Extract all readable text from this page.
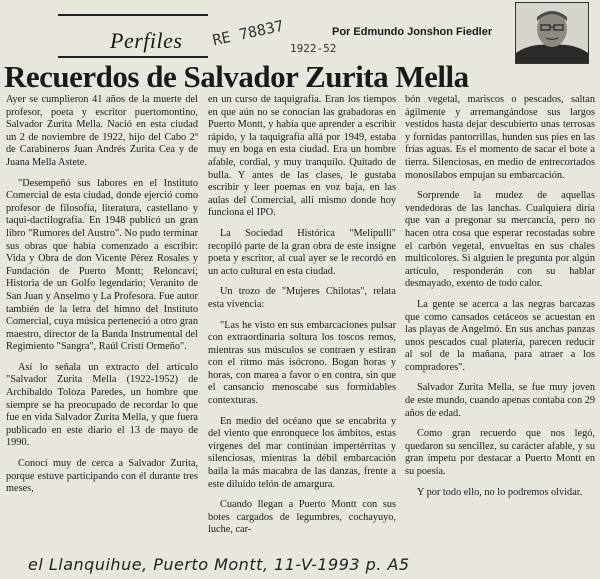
Perfiles RE 78837 1922-52
Por Edmundo Jonshon Fiedler
Recuerdos de Salvador Zurita Mella

Ayer se cumplieron 41 años de la muerte del profesor, poeta y escritor puertomontino, Salvador Zurita Mella. Nació en esta ciudad un 2 de noviembre de 1922, hijo del Cabo 2º de Carabineros Juan Andrés Zurita Cea y de Juana Mella Astete.

"Desempeñó sus labores en el Instituto Comercial de esta ciudad, donde ejerció como profesor de filosofía, literatura, castellano y taqui-dactilografía. En 1948 publicó un gran libro "Rumores del Austro". No pudo terminar sus obras que había comenzado a escribir: Vida y Obra de don Vicente Pérez Rosales y Fundación de Puerto Montt; Reloncaví; Historia de un Golfo legendario; Veranito de San Juan y Anselmo y La Profesora. Fue autor también de la letra del himno del Instituto Comercial, cuya música perteneció a otro gran maestro, director de la Banda Instrumental del Regimiento "Sangra", Raúl Cristi Ormeño".

Así lo señala un extracto del artículo "Salvador Zurita Mella (1922-1952) de Archibaldo Toloza Paredes, un hombre que siempre se ha preocupado de recordar lo que fue en vida Salvador Zurita Mella, y que fuera publicado en este diario el 13 de mayo de 1990.

Conocí muy de cerca a Salvador Zurita, porque estuve participando con él durante tres meses,

en un curso de taquigrafía. Eran los tiempos en que aún no se conocían las grabadoras en Puerto Montt, y había que aprender a escribir rápido, y la taquigrafía allá por 1949, estaba muy en boga en esta ciudad. Era un hombre afable, cordial, y muy tranquilo. Quitado de bulla. Y antes de las clases, le gustaba escribir y leer poemas en voz baja, en las aulas del Comercial, allí mismo donde hoy funciona el IPO.

La Sociedad Histórica "Melipulli" recopiló parte de la gran obra de este insigne poeta y escritor, al cual ayer se le recordó en un acto cultural en esta ciudad.

Un trozo de "Mujeres Chilotas", relata esta vivencia:

"Las he visto en sus embarcaciones pulsar con extraordinaria soltura los toscos remos, mientras sus músculos se contraen y estiran con el ritmo más isócrono. Bogan horas y horas, con marea a favor o en contra, sin que el cansancio menoscabe sus formidables contexturas.

En medio del océano que se encabrita y del viento que enronquece los ámbitos, estas vírgenes del mar continúan impertérritas y silenciosas, mientras la débil embarcación baila la más macabra de las danzas, frente a este diluido telón de amargura.

Cuando llegan a Puerto Montt con sus botes cargados de legumbres, cochayuyo, luche, car-

bón vegetal, mariscos o pescados, saltan ágilmente y arremangándose sus largos vestidos hasta dejar descubierto unas terrosas y fornidas pantorrillas, hunden sus pies en las frías aguas. Es el momento de sacar el bote a tierra. Silenciosas, en medio de entrecortados monosílabos empujan su embarcación.

Sorprende la mudez de aquellas vendedoras de las lanchas. Cualquiera diría que van a pregonar su mercancía, pero no hacen otra cosa que esperar recostadas sobre el carbón vegetal, envueltas en sus chales multicolores. Si alguien le pregunta por algún artículo, responderán con su hablar desmayado, exento de todo calor.

La gente se acerca a las negras barcazas que como cansados cetáceos se acuestan en las playas de Angelmó. En sus anchas panzas unos pescados cual platería, parecen reducir al sol de la mañana, para atraer a los compradores".

Salvador Zurita Mella, se fue muy joven de este mundo, cuando apenas contaba con 29 años de edad.

Como gran recuerdo que nos legó, quedaron su sencillez, su carácter afable, y su gran ímpetu por destacar a Puerto Montt en su poesía.

Y por todo ello, no lo podremos olvidar.

el Llanquihue, Puerto Montt, 11-V-1993 p. A5
